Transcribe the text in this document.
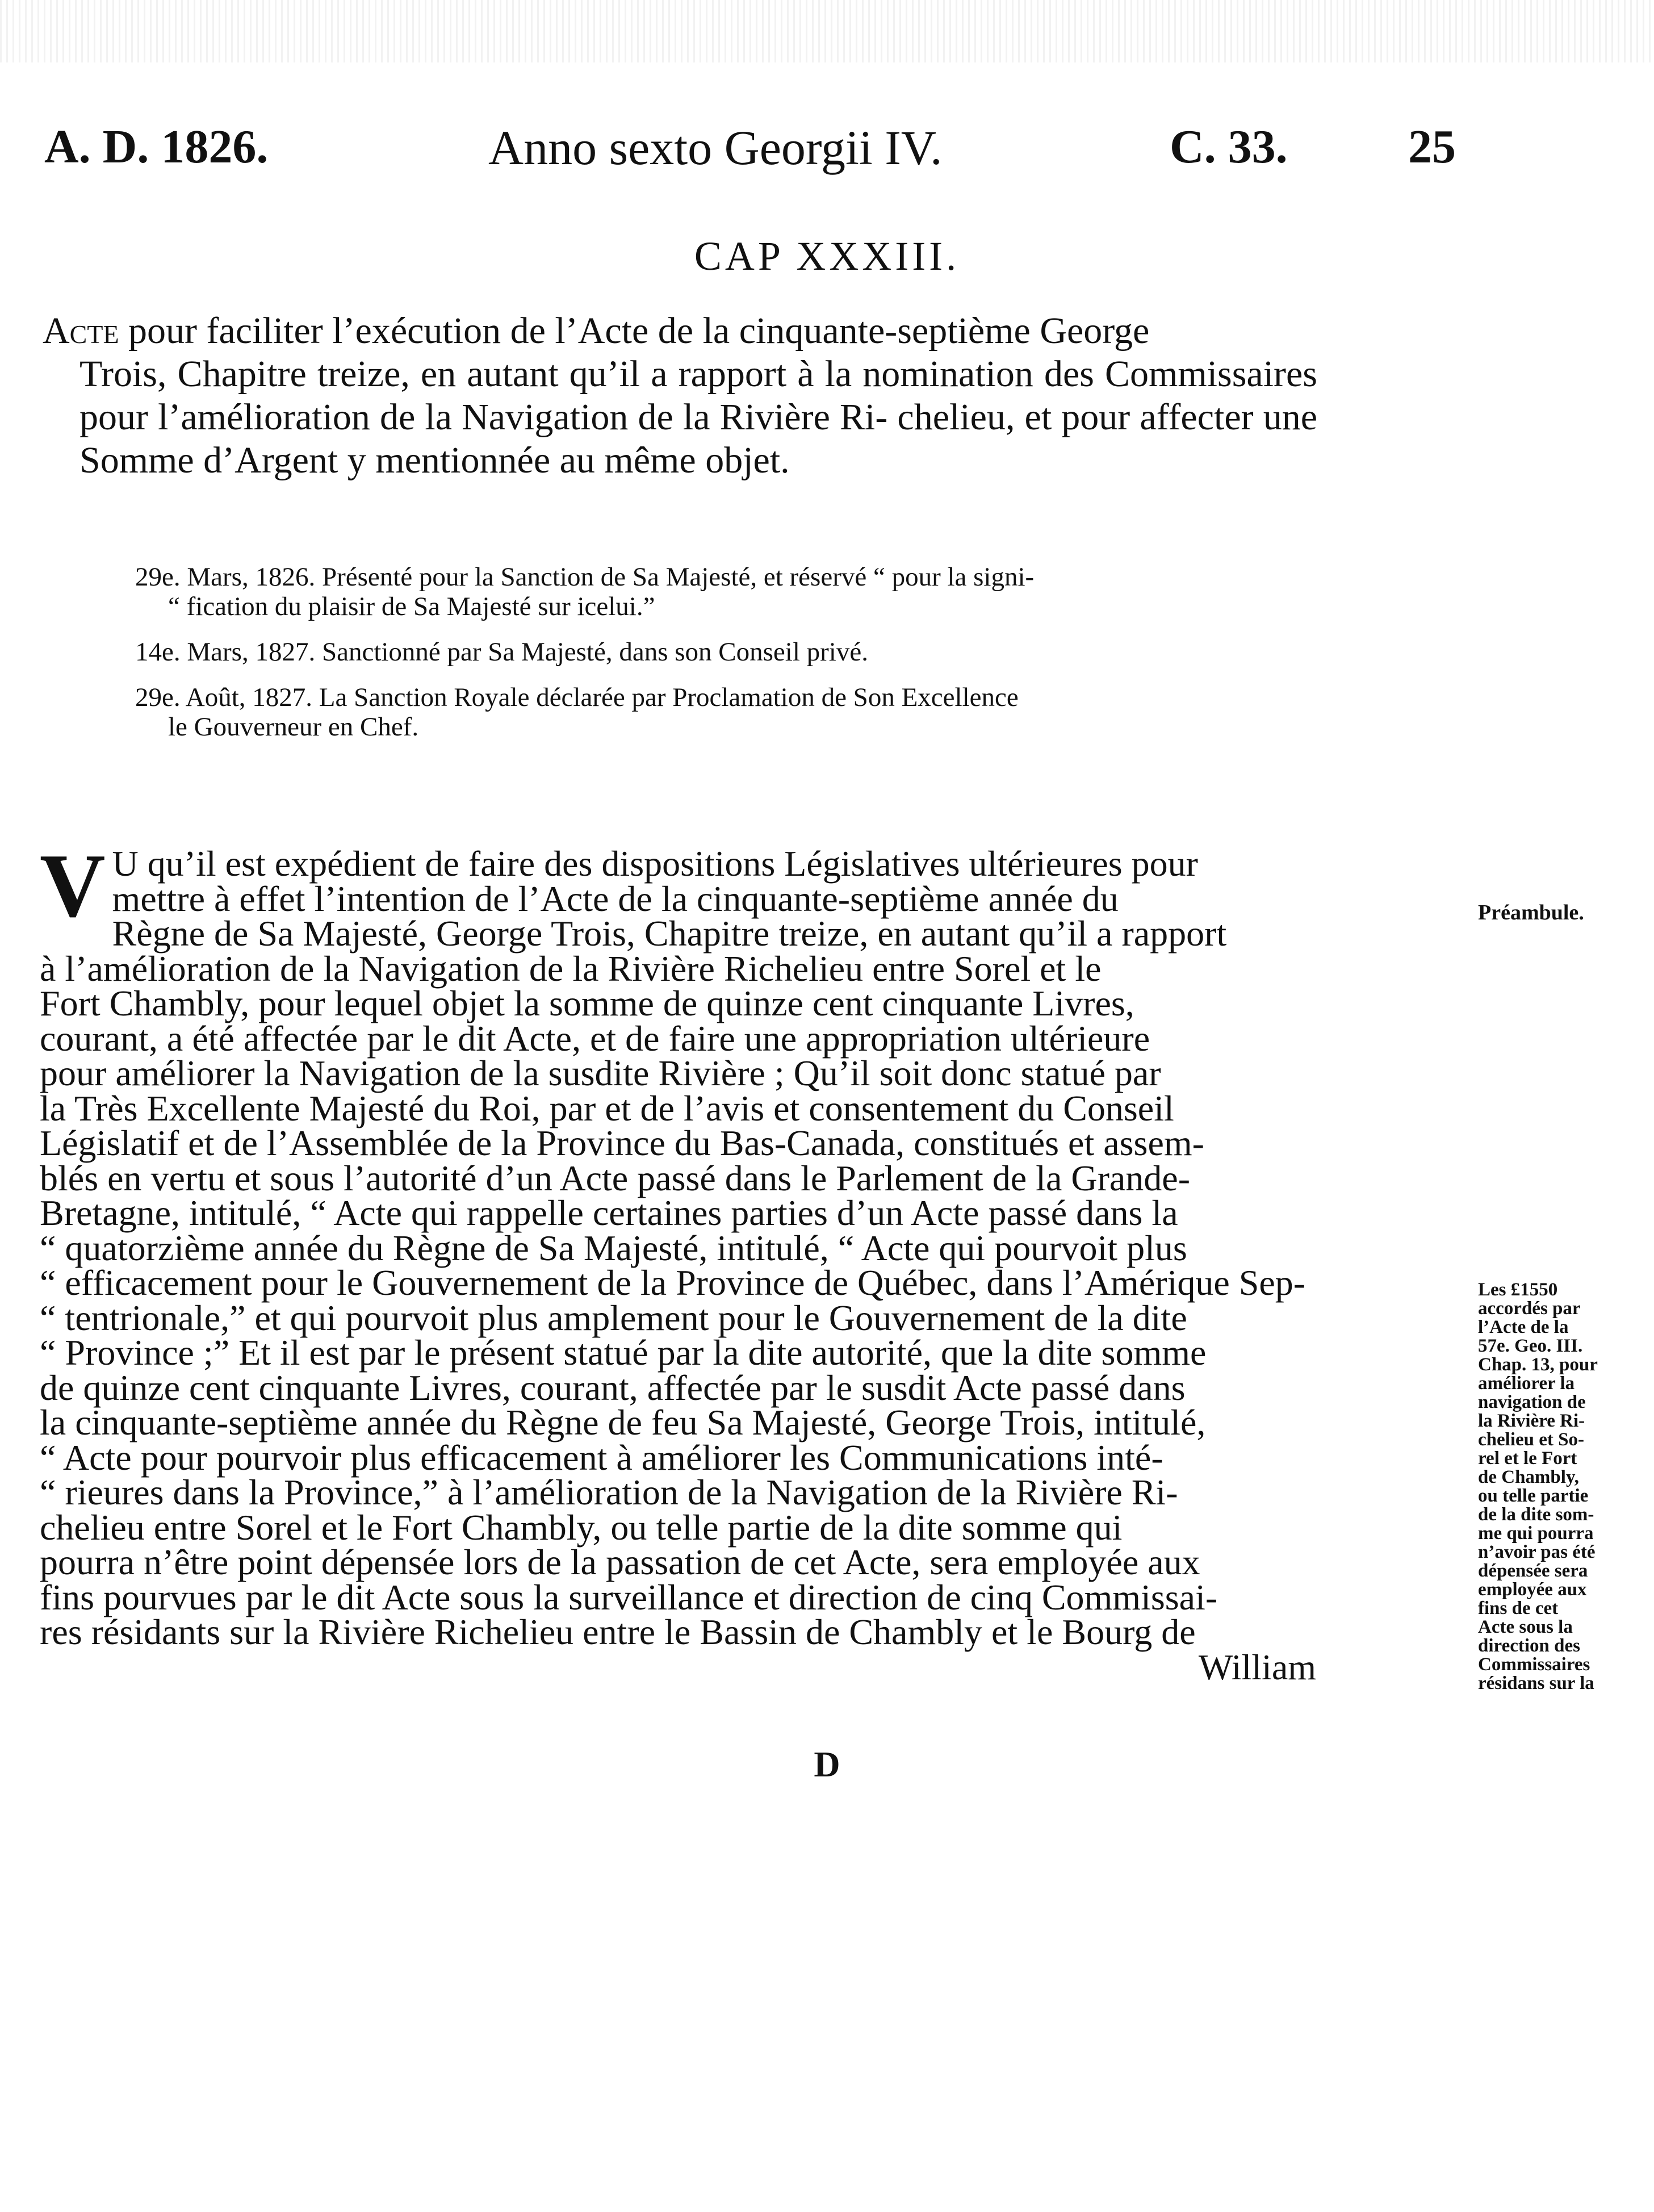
A. D. 1826.	Anno sexto Georgii IV.	C. 33.	25
CAP XXXIII.
Acte pour faciliter l’exécution de l’Acte de la cinquante-septième George
Trois, Chapitre treize, en autant qu’il a rapport à la nomination des Commissaires pour l’amélioration de la Navigation de la Rivière Ri- chelieu, et pour affecter une Somme d’Argent y mentionnée au même objet.
29e. Mars, 1826. Présenté pour la Sanction de Sa Majesté, et réservé “ pour la signi-
“ fication du plaisir de Sa Majesté sur icelui.”
14e. Mars, 1827. Sanctionné par Sa Majesté, dans son Conseil privé.
29e. Août, 1827. La Sanction Royale déclarée par Proclamation de Son Excellence
le Gouverneur en Chef.
V U qu’il est expédient de faire des dispositions Législatives ultérieures pour
mettre à effet l’intention de l’Acte de la cinquante-septième année du
Règne de Sa Majesté, George Trois, Chapitre treize, en autant qu’il a rapport
à l’amélioration de la Navigation de la Rivière Richelieu entre Sorel et le
Fort Chambly, pour lequel objet la somme de quinze cent cinquante Livres,
courant, a été affectée par le dit Acte, et de faire une appropriation ultérieure
pour améliorer la Navigation de la susdite Rivière ; Qu’il soit donc statué par
la Très Excellente Majesté du Roi, par et de l’avis et consentement du Conseil
Législatif et de l’Assemblée de la Province du Bas-Canada, constitués et assem-
blés en vertu et sous l’autorité d’un Acte passé dans le Parlement de la Grande-
Bretagne, intitulé, “ Acte qui rappelle certaines parties d’un Acte passé dans la
“ quatorzième année du Règne de Sa Majesté, intitulé, “ Acte qui pourvoit plus
“ efficacement pour le Gouvernement de la Province de Québec, dans l’Amérique Sep-
“ tentrionale,” et qui pourvoit plus amplement pour le Gouvernement de la dite
“ Province ;” Et il est par le présent statué par la dite autorité, que la dite somme
de quinze cent cinquante Livres, courant, affectée par le susdit Acte passé dans
la cinquante-septième année du Règne de feu Sa Majesté, George Trois, intitulé,
“ Acte pour pourvoir plus efficacement à améliorer les Communications inté-
“ rieures dans la Province,” à l’amélioration de la Navigation de la Rivière Ri-
chelieu entre Sorel et le Fort Chambly, ou telle partie de la dite somme qui
pourra n’être point dépensée lors de la passation de cet Acte, sera employée aux
fins pourvues par le dit Acte sous la surveillance et direction de cinq Commissai-
res résidants sur la Rivière Richelieu entre le Bassin de Chambly et le Bourg de
William
D
Préambule.
Les £1550
accordés par
l’Acte de la
57e. Geo. III.
Chap. 13, pour
améliorer la
navigation de
la Rivière Ri-
chelieu et So-
rel et le Fort
de Chambly,
ou telle partie
de la dite som-
me qui pourra
n’avoir pas été
dépensée sera
employée aux
fins de cet
Acte sous la
direction des
Commissaires
résidans sur la
